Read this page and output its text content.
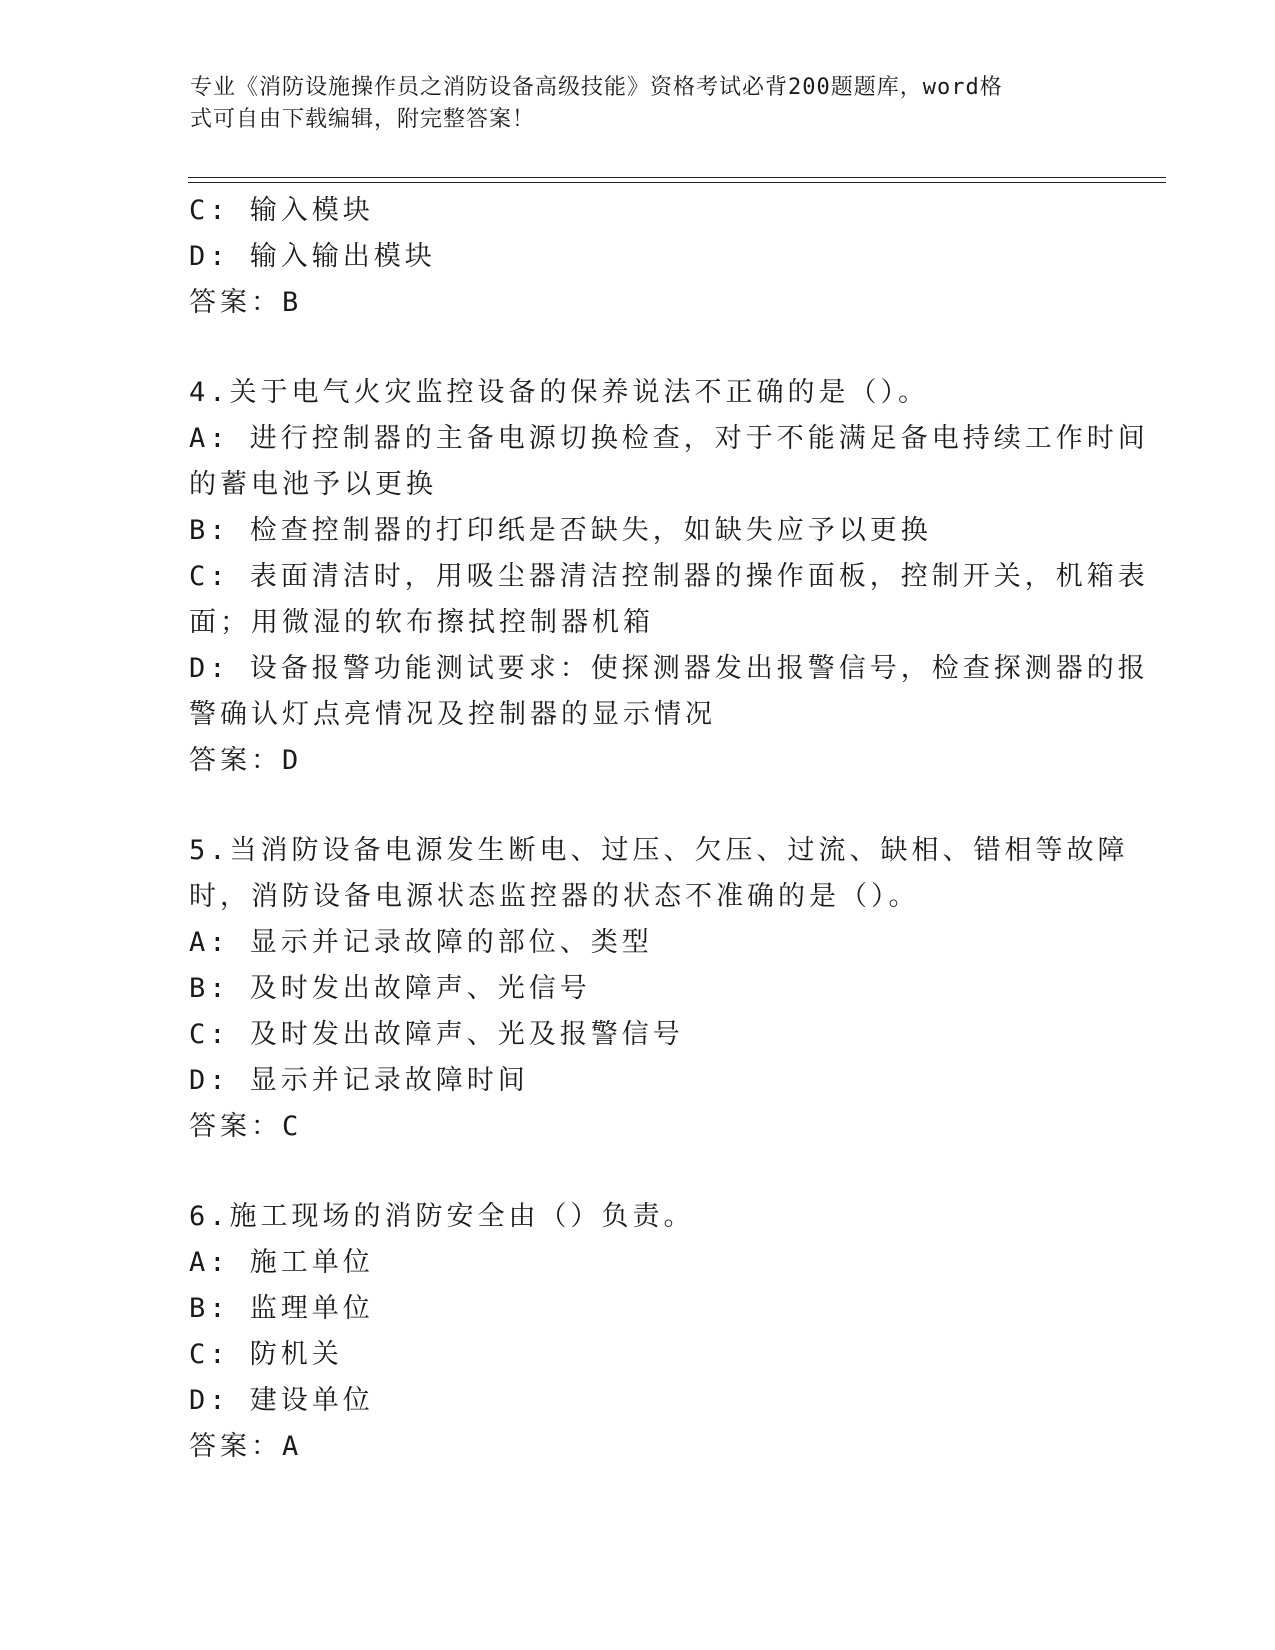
专业《消防设施操作员之消防设备高级技能》资格考试必背200题题库，word格
式可自由下载编辑，附完整答案！
C: 输入模块
D: 输入输出模块
答案：B
4.关于电气火灾监控设备的保养说法不正确的是（）。
A: 进行控制器的主备电源切换检查，对于不能满足备电持续工作时间
的蓄电池予以更换
B: 检查控制器的打印纸是否缺失，如缺失应予以更换
C: 表面清洁时，用吸尘器清洁控制器的操作面板，控制开关，机箱表
面；用微湿的软布擦拭控制器机箱
D: 设备报警功能测试要求：使探测器发出报警信号，检查探测器的报
警确认灯点亮情况及控制器的显示情况
答案：D
5.当消防设备电源发生断电、过压、欠压、过流、缺相、错相等故障
时，消防设备电源状态监控器的状态不准确的是（）。
A: 显示并记录故障的部位、类型
B: 及时发出故障声、光信号
C: 及时发出故障声、光及报警信号
D: 显示并记录故障时间
答案：C
6.施工现场的消防安全由（）负责。
A: 施工单位
B: 监理单位
C: 防机关
D: 建设单位
答案：A
